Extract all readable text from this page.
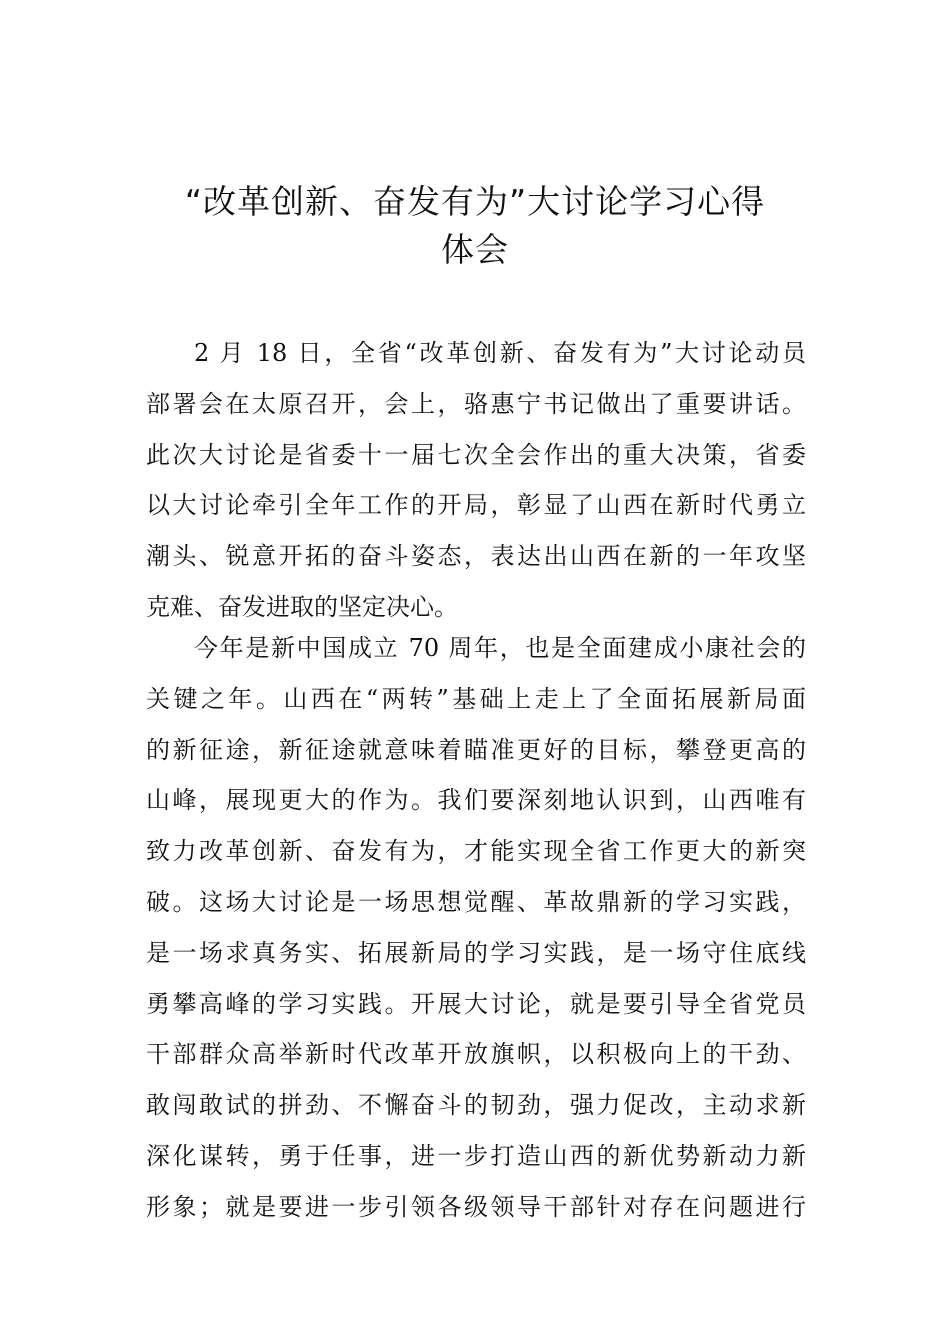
“改革创新、奋发有为”大讨论学习心得
体会
2 月 18 日，全省“改革创新、奋发有为”大讨论动员
部署会在太原召开，会上，骆惠宁书记做出了重要讲话。
此次大讨论是省委十一届七次全会作出的重大决策，省委
以大讨论牵引全年工作的开局，彰显了山西在新时代勇立
潮头、锐意开拓的奋斗姿态，表达出山西在新的一年攻坚
克难、奋发进取的坚定决心。
今年是新中国成立 70 周年，也是全面建成小康社会的
关键之年。山西在“两转”基础上走上了全面拓展新局面
的新征途，新征途就意味着瞄准更好的目标，攀登更高的
山峰，展现更大的作为。我们要深刻地认识到，山西唯有
致力改革创新、奋发有为，才能实现全省工作更大的新突
破。这场大讨论是一场思想觉醒、革故鼎新的学习实践，
是一场求真务实、拓展新局的学习实践，是一场守住底线
勇攀高峰的学习实践。开展大讨论，就是要引导全省党员
干部群众高举新时代改革开放旗帜，以积极向上的干劲、
敢闯敢试的拼劲、不懈奋斗的韧劲，强力促改，主动求新
深化谋转，勇于任事，进一步打造山西的新优势新动力新
形象；就是要进一步引领各级领导干部针对存在问题进行
